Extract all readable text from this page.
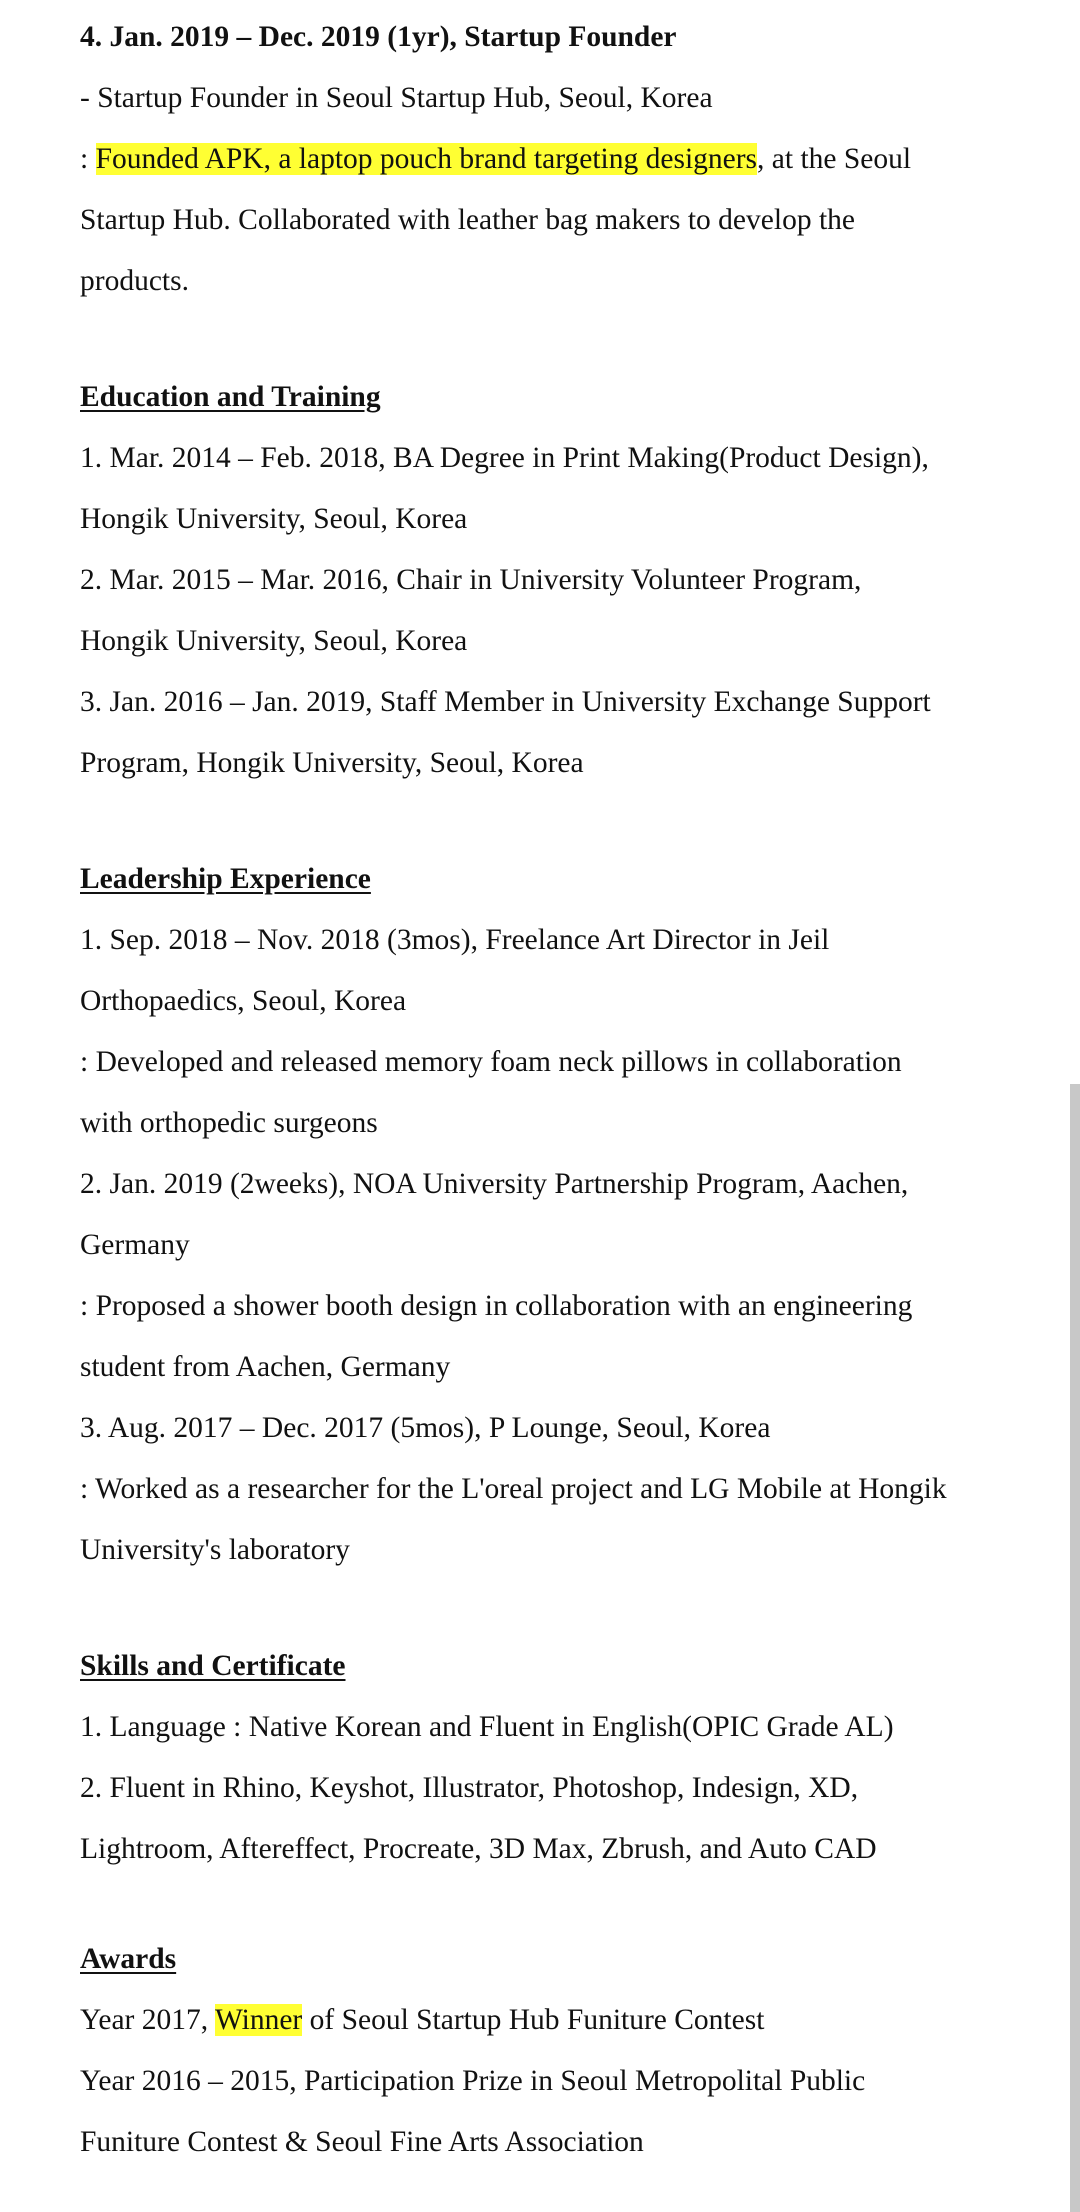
4. Jan. 2019 – Dec. 2019 (1yr), Startup Founder
- Startup Founder in Seoul Startup Hub, Seoul, Korea
: Founded APK, a laptop pouch brand targeting designers, at the Seoul
Startup Hub. Collaborated with leather bag makers to develop the
products.
Education and Training
1. Mar. 2014 – Feb. 2018, BA Degree in Print Making(Product Design),
Hongik University, Seoul, Korea
2. Mar. 2015 – Mar. 2016, Chair in University Volunteer Program,
Hongik University, Seoul, Korea
3. Jan. 2016 – Jan. 2019, Staff Member in University Exchange Support
Program, Hongik University, Seoul, Korea
Leadership Experience
1. Sep. 2018 – Nov. 2018 (3mos), Freelance Art Director in Jeil
Orthopaedics, Seoul, Korea
: Developed and released memory foam neck pillows in collaboration
with orthopedic surgeons
2. Jan. 2019 (2weeks), NOA University Partnership Program, Aachen,
Germany
: Proposed a shower booth design in collaboration with an engineering
student from Aachen, Germany
3. Aug. 2017 – Dec. 2017 (5mos), P Lounge, Seoul, Korea
: Worked as a researcher for the L'oreal project and LG Mobile at Hongik
University's laboratory
Skills and Certificate
1. Language : Native Korean and Fluent in English(OPIC Grade AL)
2. Fluent in Rhino, Keyshot, Illustrator, Photoshop, Indesign, XD,
Lightroom, Aftereffect, Procreate, 3D Max, Zbrush, and Auto CAD
Awards
Year 2017, Winner of Seoul Startup Hub Funiture Contest
Year 2016 – 2015, Participation Prize in Seoul Metropolital Public
Funiture Contest & Seoul Fine Arts Association
